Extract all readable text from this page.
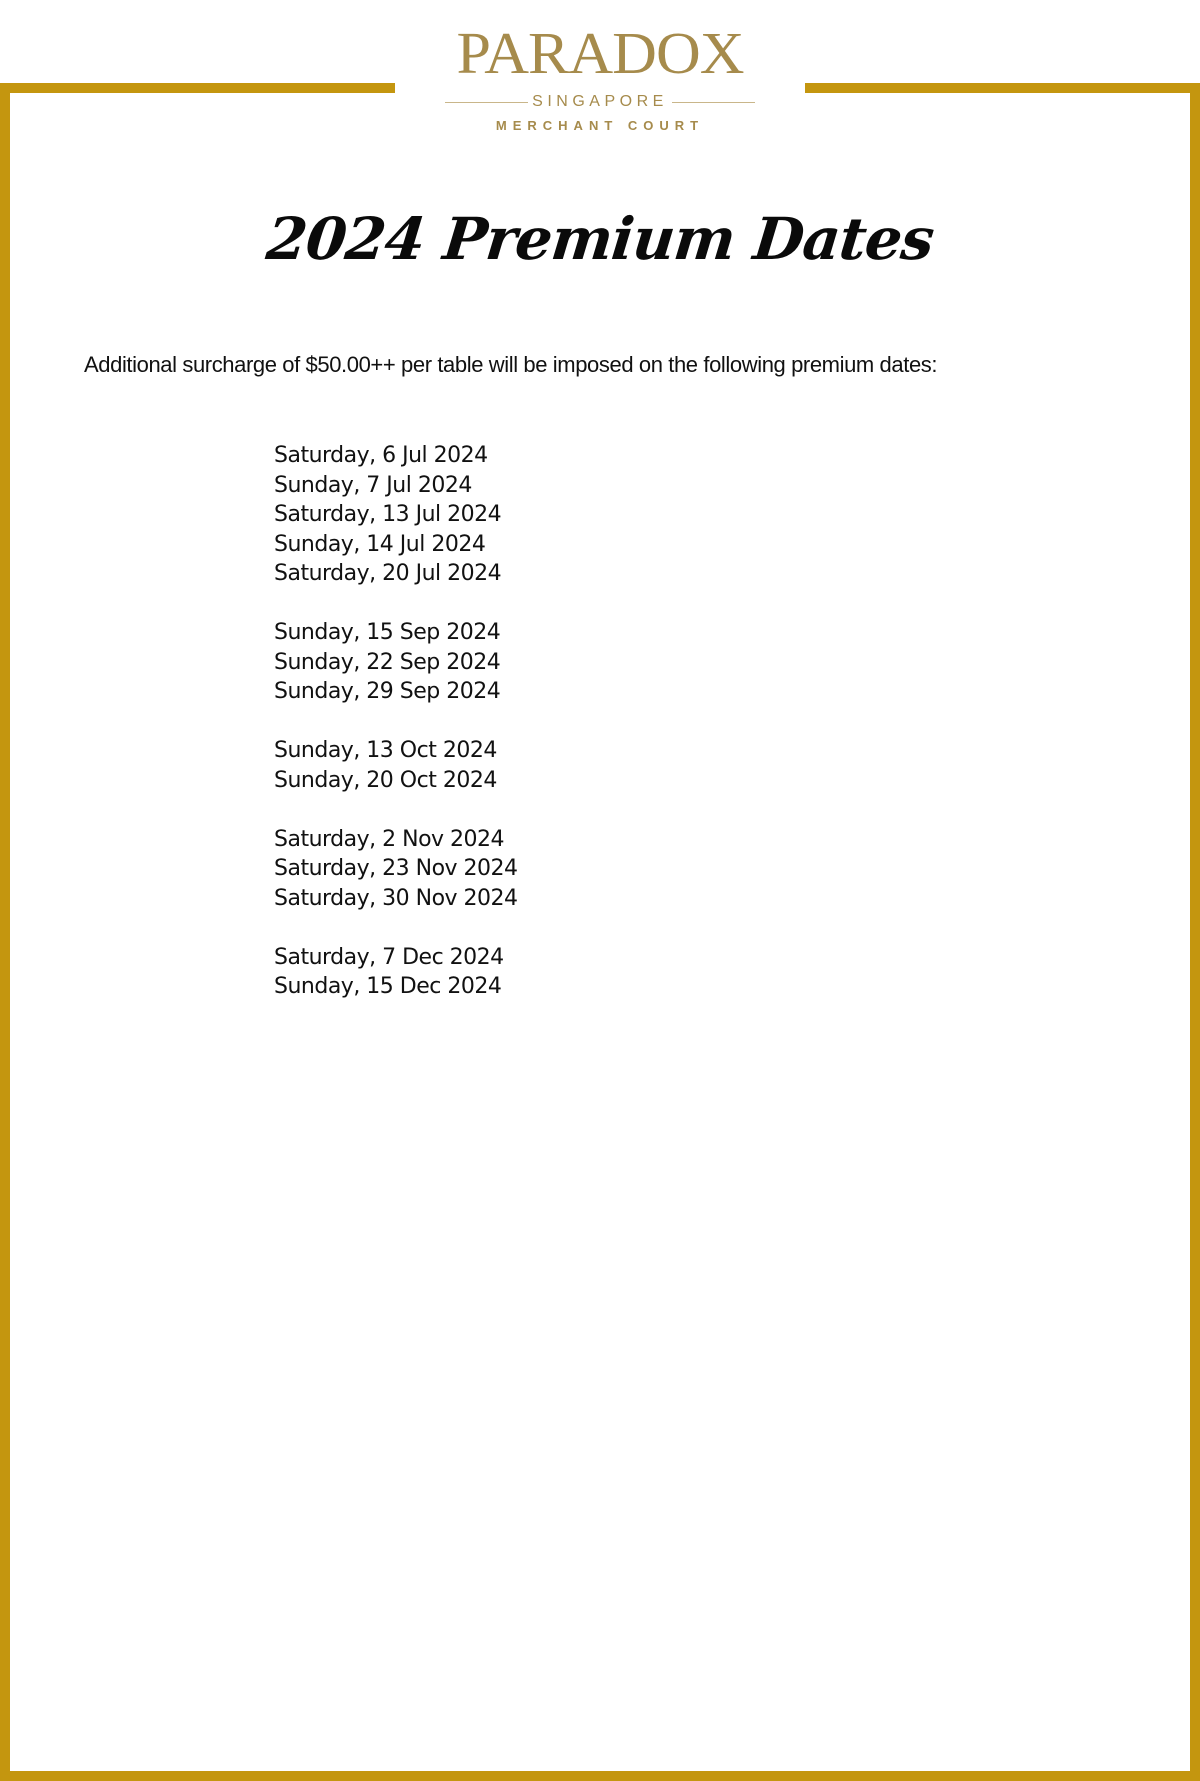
PARADOX
SINGAPORE
MERCHANT COURT
2024 Premium Dates
Additional surcharge of $50.00++ per table will be imposed on the following premium dates:
Saturday, 6 Jul 2024
Sunday, 7 Jul 2024
Saturday, 13 Jul 2024
Sunday, 14 Jul 2024
Saturday, 20 Jul 2024
Sunday, 15 Sep 2024
Sunday, 22 Sep 2024
Sunday, 29 Sep 2024
Sunday, 13 Oct 2024
Sunday, 20 Oct 2024
Saturday, 2 Nov 2024
Saturday, 23 Nov 2024
Saturday, 30 Nov 2024
Saturday, 7 Dec 2024
Sunday, 15 Dec 2024
